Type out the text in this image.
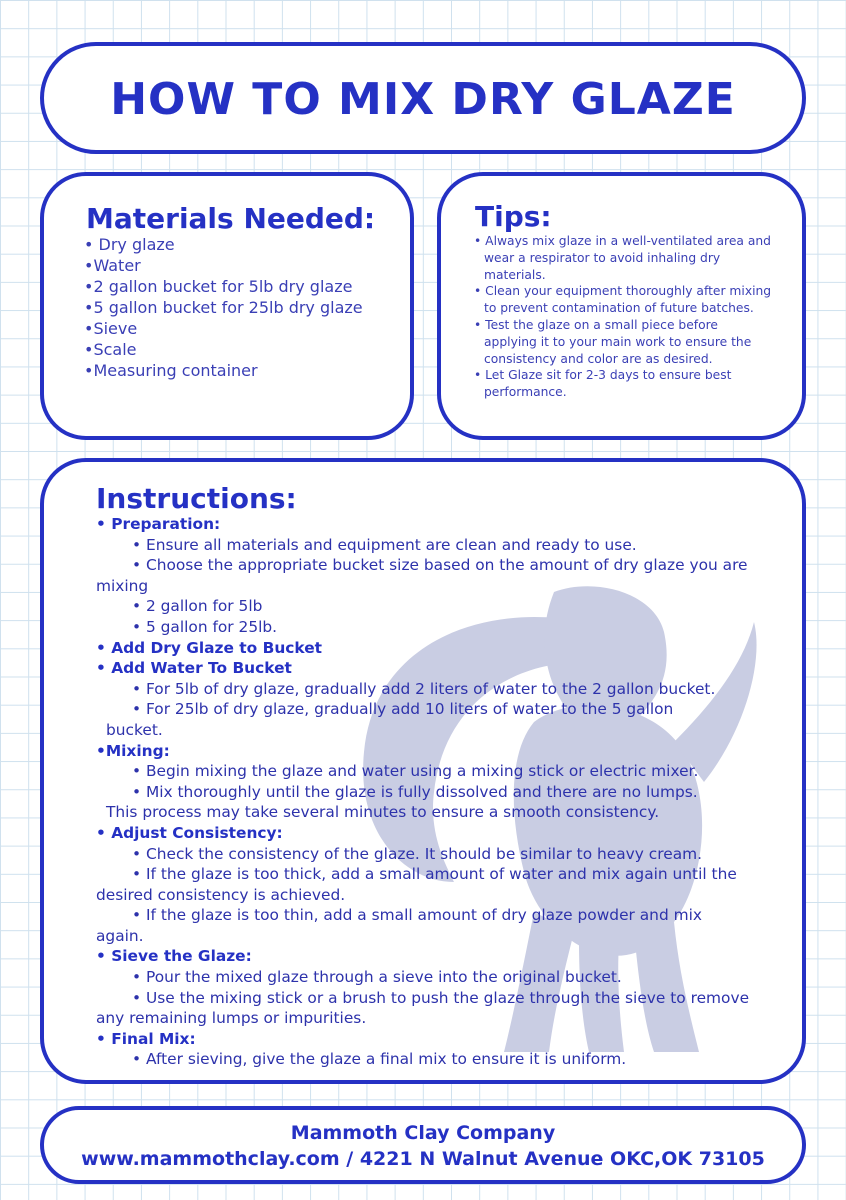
HOW TO MIX DRY GLAZE
Materials Needed:
• Dry glaze
•Water
•2 gallon bucket for 5lb dry glaze
•5 gallon bucket for 25lb dry glaze
•Sieve
•Scale
•Measuring container
Tips:
• Always mix glaze in a well-ventilated area and wear a respirator to avoid inhaling dry materials.
• Clean your equipment thoroughly after mixing to prevent contamination of future batches.
• Test the glaze on a small piece before applying it to your main work to ensure the consistency and color are as desired.
• Let Glaze sit for 2-3 days to ensure best performance.
Instructions:
• Preparation:
• Ensure all materials and equipment are clean and ready to use.
• Choose the appropriate bucket size based on the amount of dry glaze you are
mixing
• 2 gallon for 5lb
• 5 gallon for 25lb.
• Add Dry Glaze to Bucket
• Add Water To Bucket
• For 5lb of dry glaze, gradually add 2 liters of water to the 2 gallon bucket.
• For 25lb of dry glaze, gradually add 10 liters of water to the 5 gallon
bucket.
•Mixing:
• Begin mixing the glaze and water using a mixing stick or electric mixer.
• Mix thoroughly until the glaze is fully dissolved and there are no lumps.
This process may take several minutes to ensure a smooth consistency.
• Adjust Consistency:
• Check the consistency of the glaze. It should be similar to heavy cream.
• If the glaze is too thick, add a small amount of water and mix again until the
desired consistency is achieved.
• If the glaze is too thin, add a small amount of dry glaze powder and mix
again.
• Sieve the Glaze:
• Pour the mixed glaze through a sieve into the original bucket.
• Use the mixing stick or a brush to push the glaze through the sieve to remove
any remaining lumps or impurities.
• Final Mix:
• After sieving, give the glaze a final mix to ensure it is uniform.
Mammoth Clay Company
www.mammothclay.com / 4221 N Walnut Avenue OKC,OK 73105
